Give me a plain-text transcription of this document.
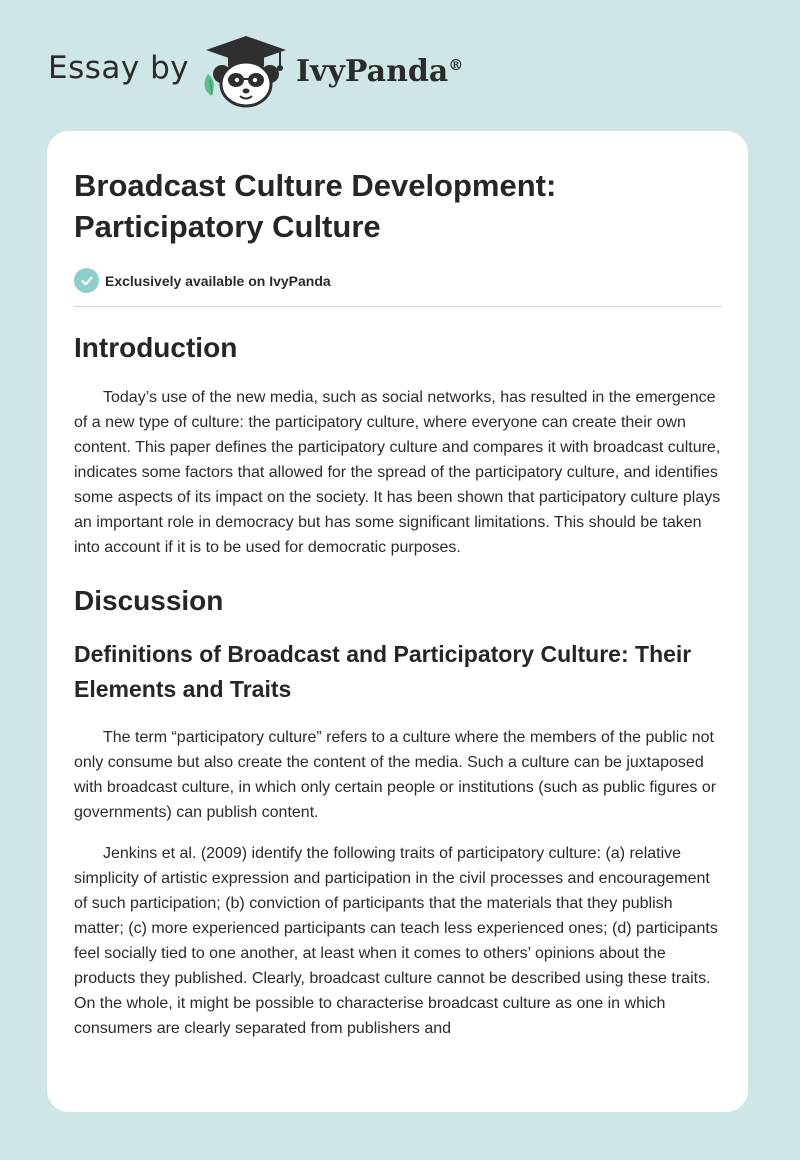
Essay by	IvyPanda®
Broadcast Culture Development: Participatory Culture
Exclusively available on IvyPanda
Introduction

Today’s use of the new media, such as social networks, has resulted in the emergence of a new type of culture: the participatory culture, where everyone can create their own content. This paper defines the participatory culture and compares it with broadcast culture, indicates some factors that allowed for the spread of the participatory culture, and identifies some aspects of its impact on the society. It has been shown that participatory culture plays an important role in democracy but has some significant limitations. This should be taken into account if it is to be used for democratic purposes.

Discussion
Definitions of Broadcast and Participatory Culture: Their Elements and Traits

The term “participatory culture” refers to a culture where the members of the public not only consume but also create the content of the media. Such a culture can be juxtaposed with broadcast culture, in which only certain people or institutions (such as public figures or governments) can publish content.

Jenkins et al. (2009) identify the following traits of participatory culture: (a) relative simplicity of artistic expression and participation in the civil processes and encouragement of such participation; (b) conviction of participants that the materials that they publish matter; (c) more experienced participants can teach less experienced ones; (d) participants feel socially tied to one another, at least when it comes to others’ opinions about the products they published. Clearly, broadcast culture cannot be described using these traits. On the whole, it might be possible to characterise broadcast culture as one in which consumers are clearly separated from publishers and
